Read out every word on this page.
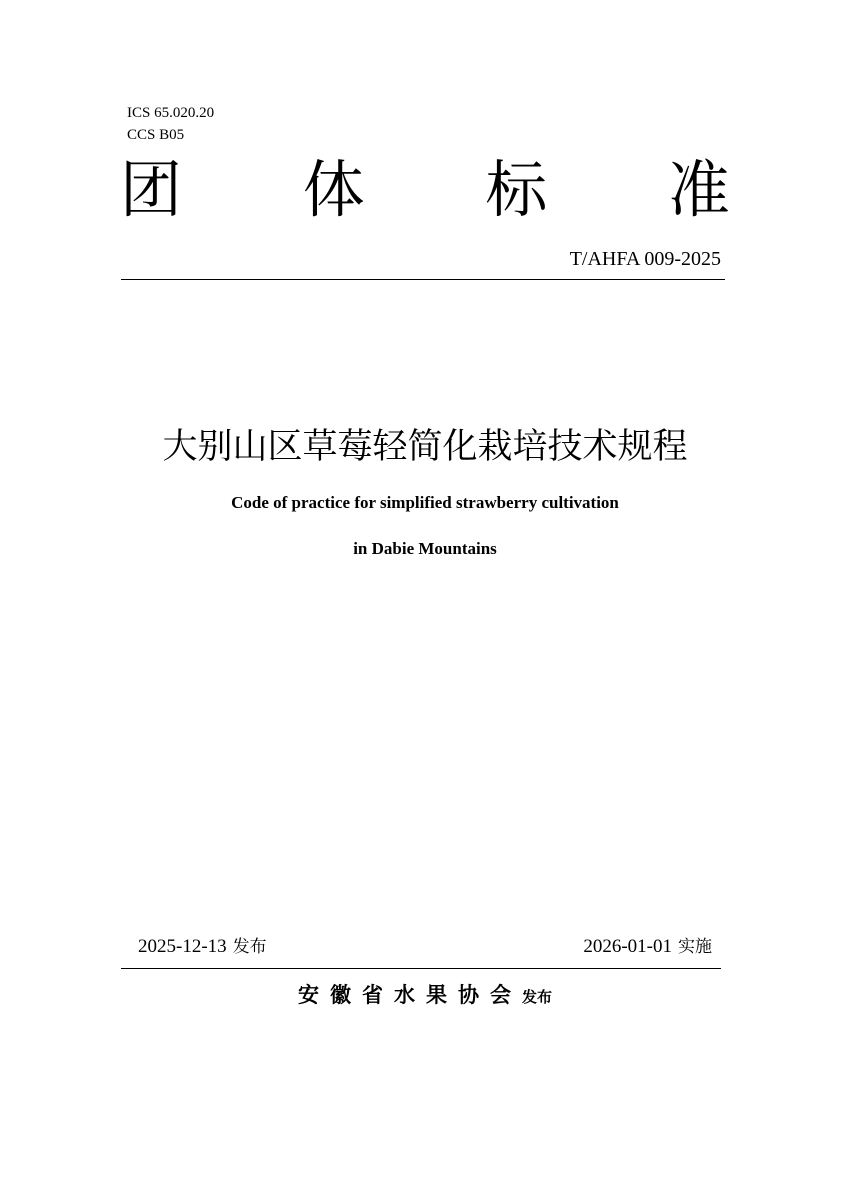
ICS 65.020.20
CCS B05
团 体 标 准
T/AHFA 009-2025
大别山区草莓轻简化栽培技术规程
Code of practice for simplified strawberry cultivation
in Dabie Mountains
2025-12-13 发布	2026-01-01 实施
安徽省水果协会发布
